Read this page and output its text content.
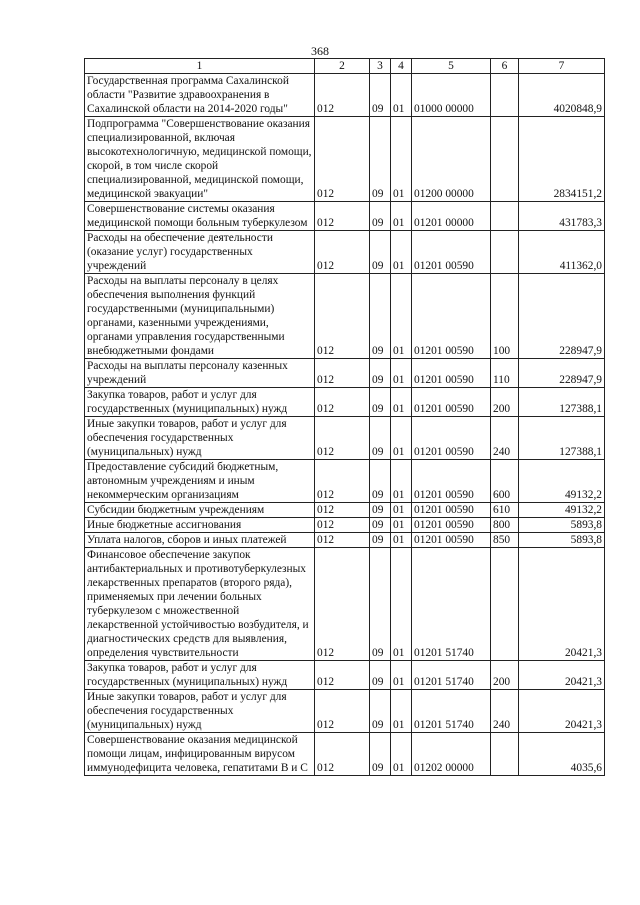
368
1	2	3	4	5	6	7
Государственная программа Сахалинской области "Развитие здравоохранения в Сахалинской области на 2014-2020 годы"	012	09	01	01000 00000		4020848,9
Подпрограмма "Совершенствование оказания специализированной, включая высокотехнологичную, медицинской помощи, скорой, в том числе скорой специализированной, медицинской помощи, медицинской эвакуации"	012	09	01	01200 00000		2834151,2
Совершенствование системы оказания медицинской помощи больным туберкулезом	012	09	01	01201 00000		431783,3
Расходы на обеспечение деятельности (оказание услуг) государственных учреждений	012	09	01	01201 00590		411362,0
Расходы на выплаты персоналу в целях обеспечения выполнения функций государственными (муниципальными) органами, казенными учреждениями, органами управления государственными внебюджетными фондами	012	09	01	01201 00590	100	228947,9
Расходы на выплаты персоналу казенных учреждений	012	09	01	01201 00590	110	228947,9
Закупка товаров, работ и услуг для государственных (муниципальных) нужд	012	09	01	01201 00590	200	127388,1
Иные закупки товаров, работ и услуг для обеспечения государственных (муниципальных) нужд	012	09	01	01201 00590	240	127388,1
Предоставление субсидий бюджетным, автономным учреждениям и иным некоммерческим организациям	012	09	01	01201 00590	600	49132,2
Субсидии бюджетным учреждениям	012	09	01	01201 00590	610	49132,2
Иные бюджетные ассигнования	012	09	01	01201 00590	800	5893,8
Уплата налогов, сборов и иных платежей	012	09	01	01201 00590	850	5893,8
Финансовое обеспечение закупок антибактериальных и противотуберкулезных лекарственных препаратов (второго ряда), применяемых при лечении больных туберкулезом с множественной лекарственной устойчивостью возбудителя, и диагностических средств для выявления, определения чувствительности	012	09	01	01201 51740		20421,3
Закупка товаров, работ и услуг для государственных (муниципальных) нужд	012	09	01	01201 51740	200	20421,3
Иные закупки товаров, работ и услуг для обеспечения государственных (муниципальных) нужд	012	09	01	01201 51740	240	20421,3
Совершенствование оказания медицинской помощи лицам, инфицированным вирусом иммунодефицита человека, гепатитами В и С	012	09	01	01202 00000		4035,6
